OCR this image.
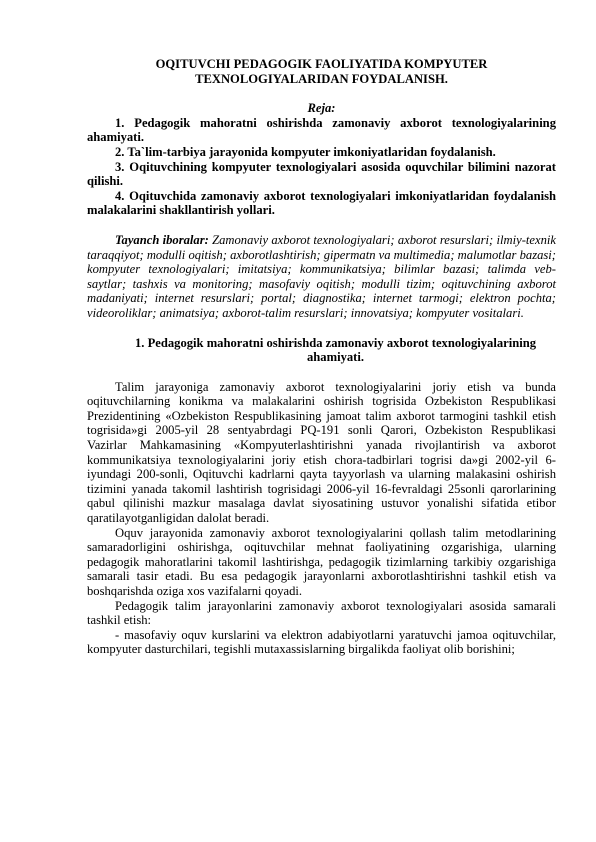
OQITUVCHI PEDAGOGIK FAOLIYATIDA KOMPYUTER TEXNOLOGIYALARIDAN FOYDALANISH.

Reja:

1. Pedagogik mahoratni oshirishda zamonaviy axborot texnologiyalarining ahamiyati.

2. Ta`lim-tarbiya jarayonida kompyuter imkoniyatlaridan foydalanish.

3. Oqituvchining kompyuter texnologiyalari asosida oquvchilar bilimini nazorat qilishi.

4. Oqituvchida zamonaviy axborot texnologiyalari imkoniyatlaridan foydalanish malakalarini shakllantirish yollari.

Tayanch iboralar: Zamonaviy axborot texnologiyalari; axborot resurslari; ilmiy-texnik taraqqiyot; modulli oqitish; axborotlashtirish; gipermatn va multimedia; malumotlar bazasi; kompyuter texnologiyalari; imitatsiya; kommunikatsiya; bilimlar bazasi; talimda veb-saytlar; tashxis va monitoring; masofaviy oqitish; modulli tizim; oqituvchining axborot madaniyati; internet resurslari; portal; diagnostika; internet tarmogi; elektron pochta; videoroliklar; animatsiya; axborot-talim resurslari; innovatsiya; kompyuter vositalari.

1. Pedagogik mahoratni oshirishda zamonaviy axborot texnologiyalarining ahamiyati.

Talim jarayoniga zamonaviy axborot texnologiyalarini joriy etish va bunda oqituvchilarning konikma va malakalarini oshirish togrisida Ozbekiston Respublikasi Prezidentining «Ozbekiston Respublikasining jamoat talim axborot tarmogini tashkil etish togrisida»gi 2005-yil 28 sentyabrdagi PQ-191 sonli Qarori, Ozbekiston Respublikasi Vazirlar Mahkamasining «Kompyuterlashtirishni yanada rivojlantirish va axborot kommunikatsiya texnologiyalarini joriy etish chora-tadbirlari togrisi da»gi 2002-yil 6-iyundagi 200-sonli, Oqituvchi kadrlarni qayta tayyorlash va ularning malakasini oshirish tizimini yanada takomil lashtirish togrisidagi 2006-yil 16-fevraldagi 25sonli qarorlarining qabul qilinishi mazkur masalaga davlat siyosatining ustuvor yonalishi sifatida etibor qaratilayotganligidan dalolat beradi.

Oquv jarayonida zamonaviy axborot texnologiyalarini qollash talim metodlarining samaradorligini oshirishga, oqituvchilar mehnat faoliyatining ozgarishiga, ularning pedagogik mahoratlarini takomil lashtirishga, pedagogik tizimlarning tarkibiy ozgarishiga samarali tasir etadi. Bu esa pedagogik jarayonlarni axborotlashtirishni tashkil etish va boshqarishda oziga xos vazifalarni qoyadi.

Pedagogik talim jarayonlarini zamonaviy axborot texnologiyalari asosida samarali tashkil etish:

- masofaviy oquv kurslarini va elektron adabiyotlarni yaratuvchi jamoa oqituvchilar, kompyuter dasturchilari, tegishli mutaxassislarning birgalikda faoliyat olib borishini;
